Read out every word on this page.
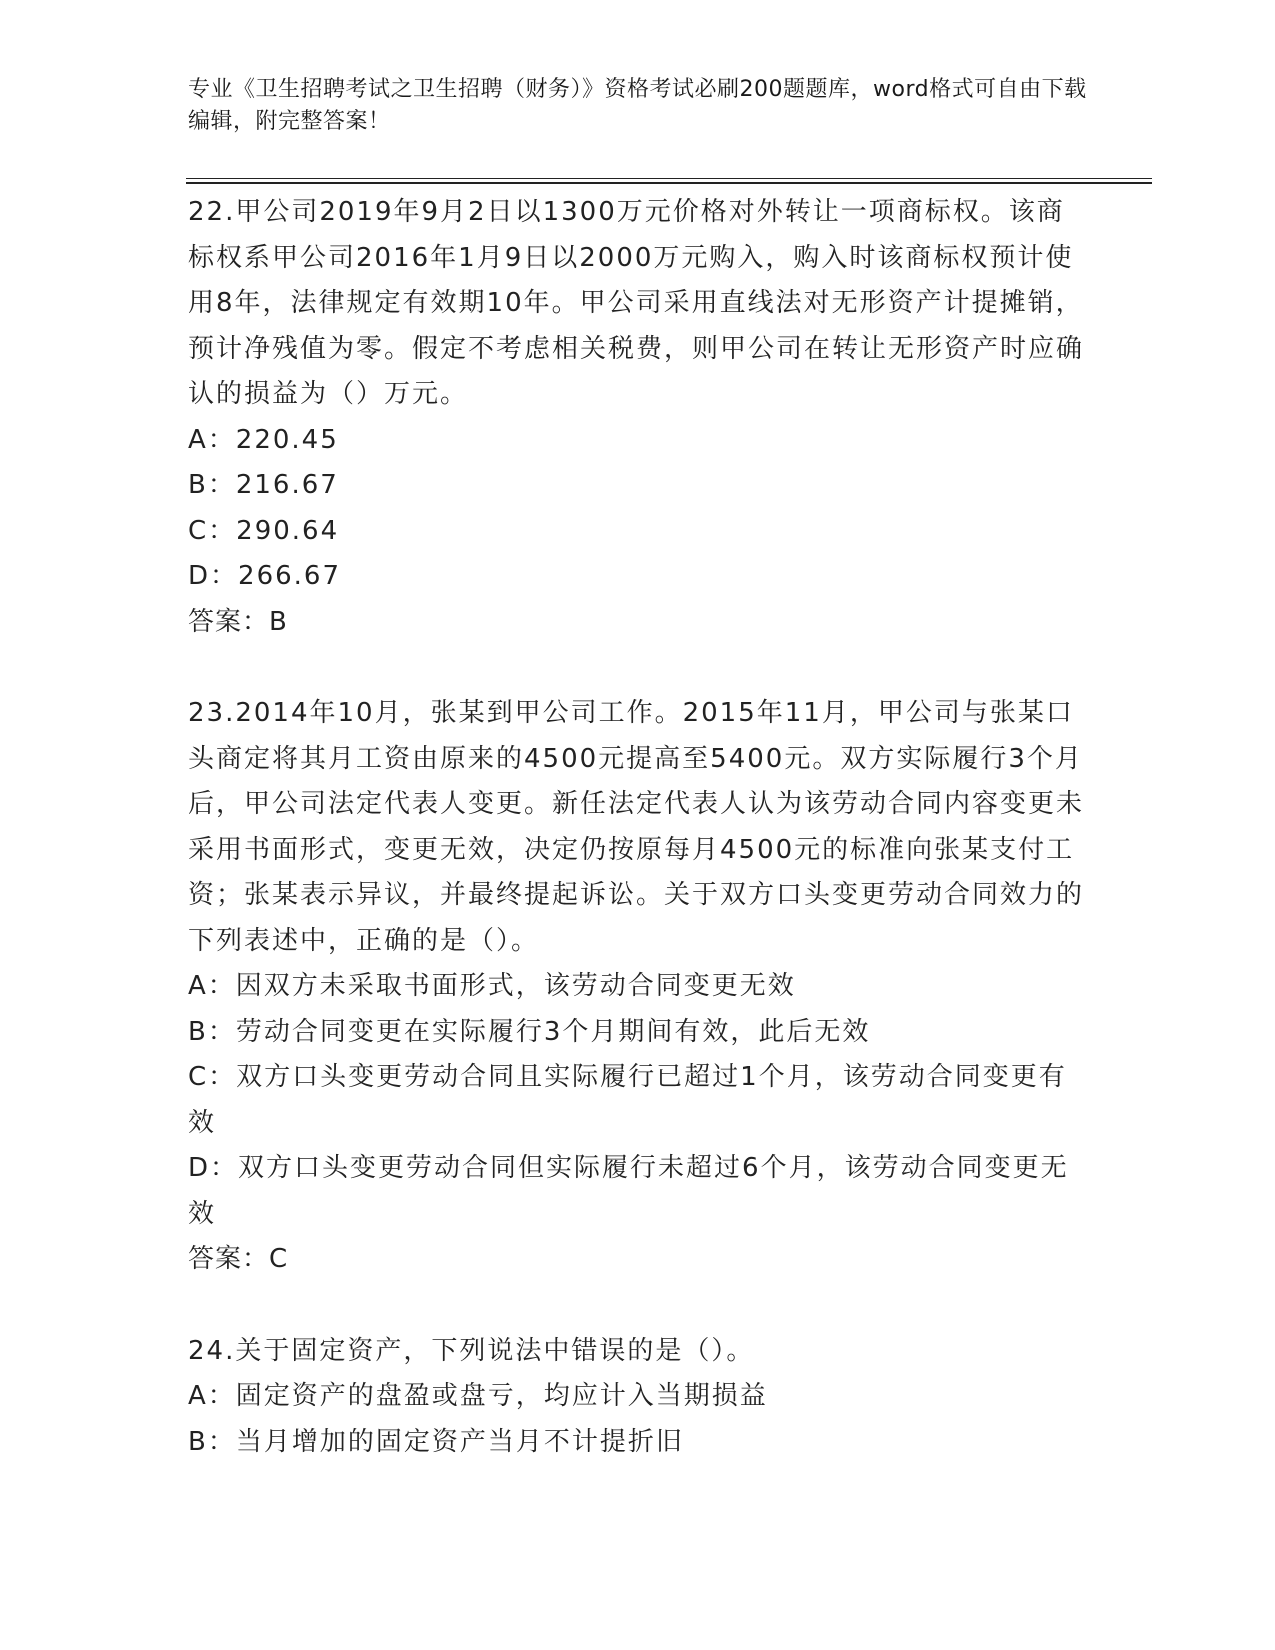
专业《卫生招聘考试之卫生招聘（财务）》资格考试必刷200题题库，word格式可自由下载编辑，附完整答案！

22.甲公司2019年9月2日以1300万元价格对外转让一项商标权。该商标权系甲公司2016年1月9日以2000万元购入，购入时该商标权预计使用8年，法律规定有效期10年。甲公司采用直线法对无形资产计提摊销，预计净残值为零。假定不考虑相关税费，则甲公司在转让无形资产时应确认的损益为（）万元。

A：220.45

B：216.67

C：290.64

D：266.67

答案：B

23.2014年10月，张某到甲公司工作。2015年11月，甲公司与张某口头商定将其月工资由原来的4500元提高至5400元。双方实际履行3个月后，甲公司法定代表人变更。新任法定代表人认为该劳动合同内容变更未采用书面形式，变更无效，决定仍按原每月4500元的标准向张某支付工资；张某表示异议，并最终提起诉讼。关于双方口头变更劳动合同效力的下列表述中，正确的是（）。

A：因双方未采取书面形式，该劳动合同变更无效

B：劳动合同变更在实际履行3个月期间有效，此后无效

C：双方口头变更劳动合同且实际履行已超过1个月，该劳动合同变更有效

D：双方口头变更劳动合同但实际履行未超过6个月，该劳动合同变更无效

答案：C

24.关于固定资产，下列说法中错误的是（）。

A：固定资产的盘盈或盘亏，均应计入当期损益

B：当月增加的固定资产当月不计提折旧
